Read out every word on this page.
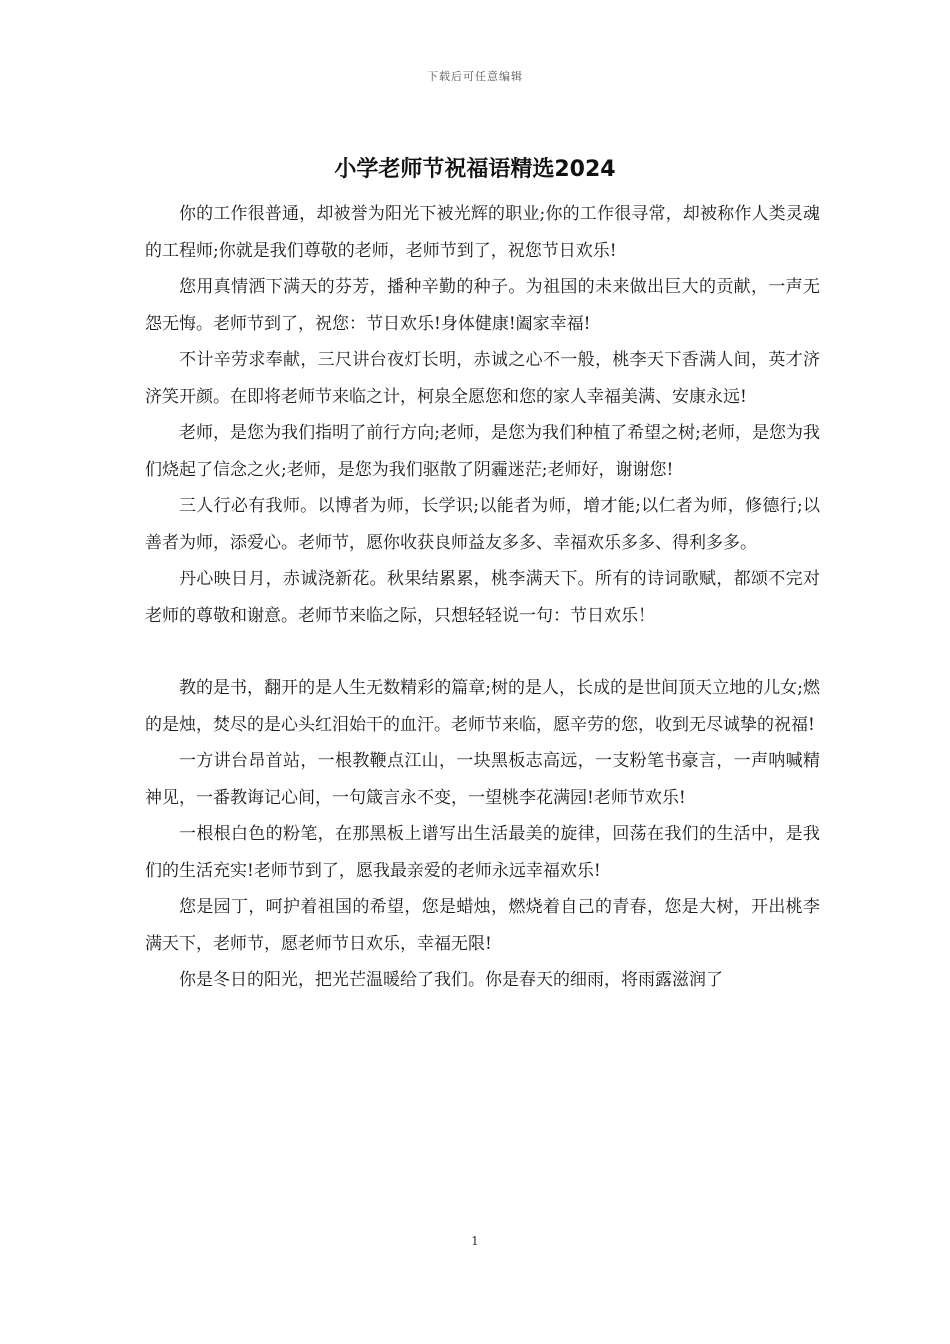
下载后可任意编辑
小学老师节祝福语精选2024

你的工作很普通，却被誉为阳光下被光辉的职业;你的工作很寻常，却被称作人类灵魂的工程师;你就是我们尊敬的老师，老师节到了，祝您节日欢乐!

您用真情洒下满天的芬芳，播种辛勤的种子。为祖国的未来做出巨大的贡献，一声无怨无悔。老师节到了，祝您：节日欢乐!身体健康!阖家幸福!

不计辛劳求奉献，三尺讲台夜灯长明，赤诚之心不一般，桃李天下香满人间，英才济济笑开颜。在即将老师节来临之计，柯泉全愿您和您的家人幸福美满、安康永远!

老师，是您为我们指明了前行方向;老师，是您为我们种植了希望之树;老师，是您为我们烧起了信念之火;老师，是您为我们驱散了阴霾迷茫;老师好，谢谢您!

三人行必有我师。以博者为师，长学识;以能者为师，增才能;以仁者为师，修德行;以善者为师，添爱心。老师节，愿你收获良师益友多多、幸福欢乐多多、得利多多。

丹心映日月，赤诚浇新花。秋果结累累，桃李满天下。所有的诗词歌赋，都颂不完对老师的尊敬和谢意。老师节来临之际，只想轻轻说一句：节日欢乐！

教的是书，翻开的是人生无数精彩的篇章;树的是人，长成的是世间顶天立地的儿女;燃的是烛，焚尽的是心头红泪始干的血汗。老师节来临，愿辛劳的您，收到无尽诚挚的祝福!

一方讲台昂首站，一根教鞭点江山，一块黑板志高远，一支粉笔书豪言，一声呐喊精神见，一番教诲记心间，一句箴言永不变，一望桃李花满园!老师节欢乐!

一根根白色的粉笔，在那黑板上谱写出生活最美的旋律，回荡在我们的生活中，是我们的生活充实!老师节到了，愿我最亲爱的老师永远幸福欢乐!

您是园丁，呵护着祖国的希望，您是蜡烛，燃烧着自己的青春，您是大树，开出桃李满天下，老师节，愿老师节日欢乐，幸福无限!

你是冬日的阳光，把光芒温暖给了我们。你是春天的细雨，将雨露滋润了

1
